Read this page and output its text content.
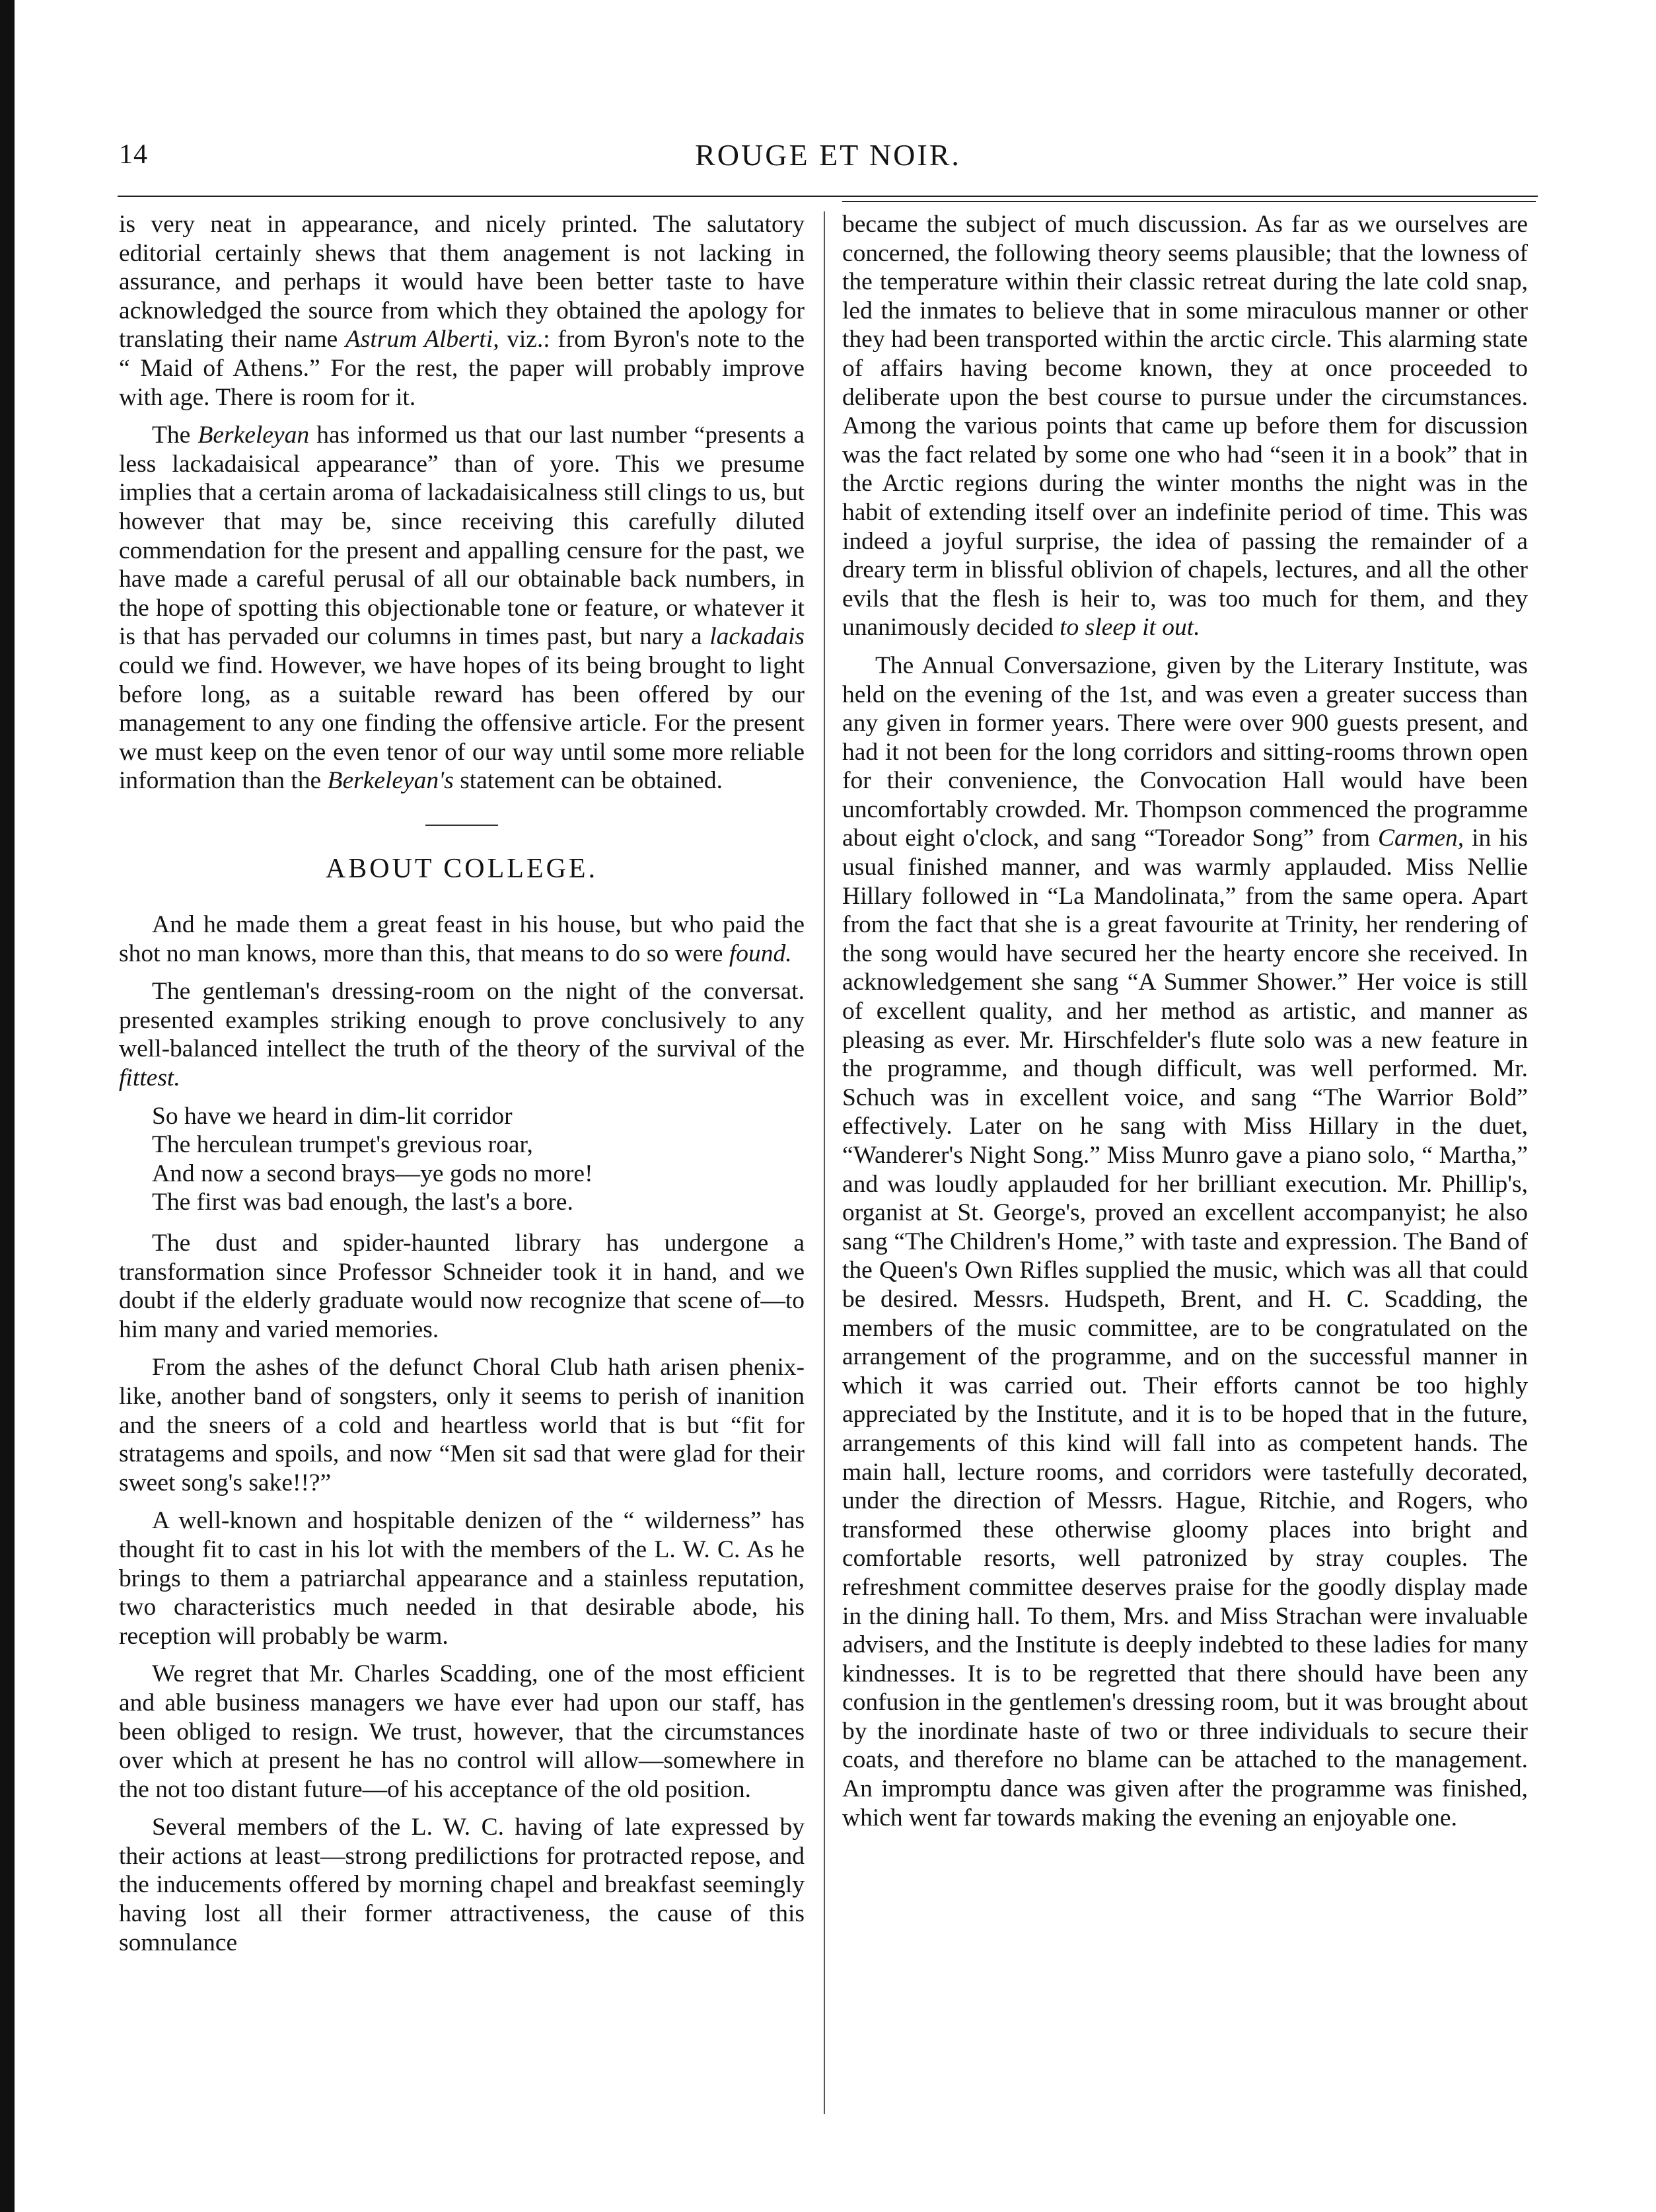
14	ROUGE ET NOIR.

is very neat in appearance, and nicely printed. The salutatory editorial certainly shews that them anagement is not lacking in assurance, and perhaps it would have been better taste to have acknowledged the source from which they obtained the apology for translating their name Astrum Alberti, viz.: from Byron's note to the “ Maid of Athens.” For the rest, the paper will probably improve with age. There is room for it.

The Berkeleyan has informed us that our last number “presents a less lackadaisical appearance” than of yore. This we presume implies that a certain aroma of lackadaisicalness still clings to us, but however that may be, since receiving this carefully diluted commendation for the present and appalling censure for the past, we have made a careful perusal of all our obtainable back numbers, in the hope of spotting this objectionable tone or feature, or whatever it is that has pervaded our columns in times past, but nary a lackadais could we find. However, we have hopes of its being brought to light before long, as a suitable reward has been offered by our management to any one finding the offensive article. For the present we must keep on the even tenor of our way until some more reliable information than the Berkeleyan's statement can be obtained.

ABOUT COLLEGE.

And he made them a great feast in his house, but who paid the shot no man knows, more than this, that means to do so were found.

The gentleman's dressing-room on the night of the conversat. presented examples striking enough to prove conclusively to any well-balanced intellect the truth of the theory of the survival of the fittest.

So have we heard in dim-lit corridor
The herculean trumpet's grevious roar,
And now a second brays—ye gods no more!
The first was bad enough, the last's a bore.

The dust and spider-haunted library has undergone a transformation since Professor Schneider took it in hand, and we doubt if the elderly graduate would now recognize that scene of—to him many and varied memories.

From the ashes of the defunct Choral Club hath arisen phenix-like, another band of songsters, only it seems to perish of inanition and the sneers of a cold and heartless world that is but “fit for stratagems and spoils, and now “Men sit sad that were glad for their sweet song's sake!!?”

A well-known and hospitable denizen of the “ wilderness” has thought fit to cast in his lot with the members of the L. W. C. As he brings to them a patriarchal appearance and a stainless reputation, two characteristics much needed in that desirable abode, his reception will probably be warm.

We regret that Mr. Charles Scadding, one of the most efficient and able business managers we have ever had upon our staff, has been obliged to resign. We trust, however, that the circumstances over which at present he has no control will allow—somewhere in the not too distant future—of his acceptance of the old position.

Several members of the L. W. C. having of late expressed by their actions at least—strong predilictions for protracted repose, and the inducements offered by morning chapel and breakfast seemingly having lost all their former attractiveness, the cause of this somnulance

became the subject of much discussion. As far as we ourselves are concerned, the following theory seems plausible; that the lowness of the temperature within their classic retreat during the late cold snap, led the inmates to believe that in some miraculous manner or other they had been transported within the arctic circle. This alarming state of affairs having become known, they at once proceeded to deliberate upon the best course to pursue under the circumstances. Among the various points that came up before them for discussion was the fact related by some one who had “seen it in a book” that in the Arctic regions during the winter months the night was in the habit of extending itself over an indefinite period of time. This was indeed a joyful surprise, the idea of passing the remainder of a dreary term in blissful oblivion of chapels, lectures, and all the other evils that the flesh is heir to, was too much for them, and they unanimously decided to sleep it out.

The Annual Conversazione, given by the Literary Institute, was held on the evening of the 1st, and was even a greater success than any given in former years. There were over 900 guests present, and had it not been for the long corridors and sitting-rooms thrown open for their convenience, the Convocation Hall would have been uncomfortably crowded. Mr. Thompson commenced the programme about eight o'clock, and sang “Toreador Song” from Carmen, in his usual finished manner, and was warmly applauded. Miss Nellie Hillary followed in “La Mandolinata,” from the same opera. Apart from the fact that she is a great favourite at Trinity, her rendering of the song would have secured her the hearty encore she received. In acknowledgement she sang “A Summer Shower.” Her voice is still of excellent quality, and her method as artistic, and manner as pleasing as ever. Mr. Hirschfelder's flute solo was a new feature in the programme, and though difficult, was well performed. Mr. Schuch was in excellent voice, and sang “The Warrior Bold” effectively. Later on he sang with Miss Hillary in the duet, “Wanderer's Night Song.” Miss Munro gave a piano solo, “ Martha,” and was loudly applauded for her brilliant execution. Mr. Phillip's, organist at St. George's, proved an excellent accompanyist; he also sang “The Children's Home,” with taste and expression. The Band of the Queen's Own Rifles supplied the music, which was all that could be desired. Messrs. Hudspeth, Brent, and H. C. Scadding, the members of the music committee, are to be congratulated on the arrangement of the programme, and on the successful manner in which it was carried out. Their efforts cannot be too highly appreciated by the Institute, and it is to be hoped that in the future, arrangements of this kind will fall into as competent hands. The main hall, lecture rooms, and corridors were tastefully decorated, under the direction of Messrs. Hague, Ritchie, and Rogers, who transformed these otherwise gloomy places into bright and comfortable resorts, well patronized by stray couples. The refreshment committee deserves praise for the goodly display made in the dining hall. To them, Mrs. and Miss Strachan were invaluable advisers, and the Institute is deeply indebted to these ladies for many kindnesses. It is to be regretted that there should have been any confusion in the gentlemen's dressing room, but it was brought about by the inordinate haste of two or three individuals to secure their coats, and therefore no blame can be attached to the management. An impromptu dance was given after the programme was finished, which went far towards making the evening an enjoyable one.
